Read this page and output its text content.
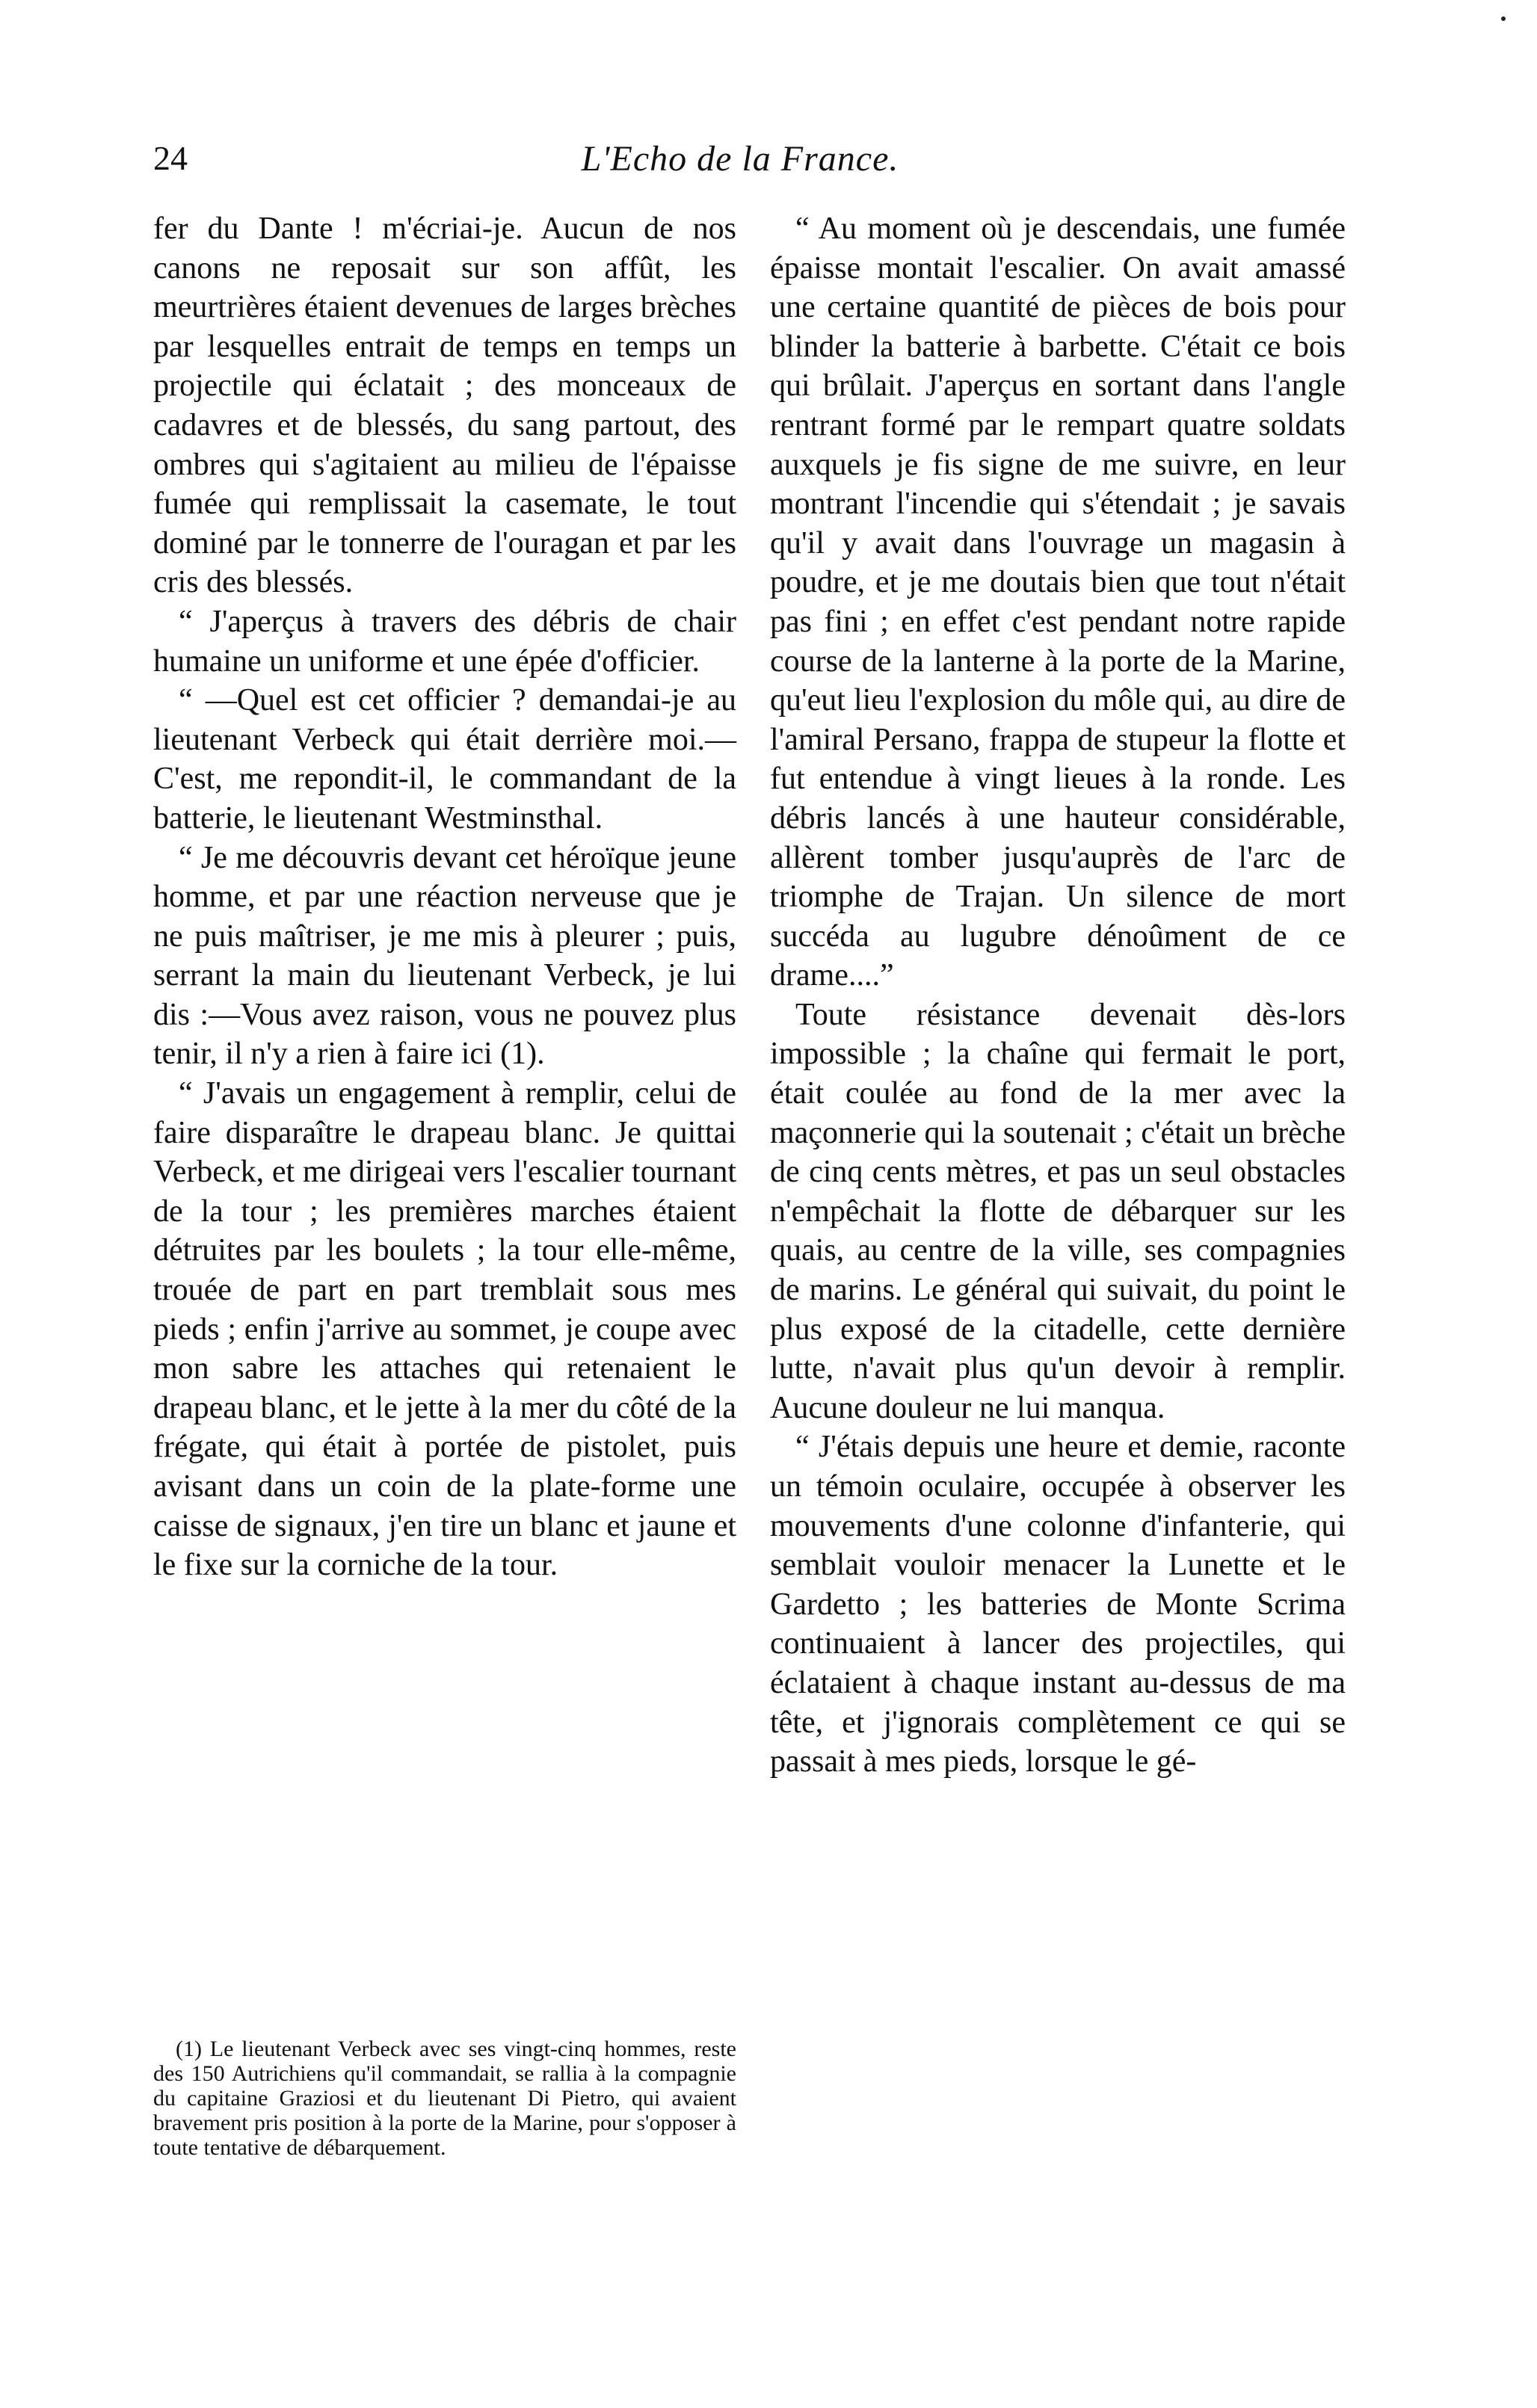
24	L'Echo de la France.

fer du Dante ! m'écriai-je. Aucun de nos canons ne reposait sur son affût, les meurtrières étaient devenues de larges brèches par lesquelles entrait de temps en temps un projectile qui éclatait ; des monceaux de cadavres et de blessés, du sang partout, des ombres qui s'agitaient au milieu de l'épaisse fumée qui remplissait la casemate, le tout dominé par le tonnerre de l'ouragan et par les cris des blessés.

“ J'aperçus à travers des débris de chair humaine un uniforme et une épée d'officier.

“ —Quel est cet officier ? demandai-je au lieutenant Verbeck qui était derrière moi.—C'est, me repondit-il, le commandant de la batterie, le lieutenant Westminsthal.

“ Je me découvris devant cet héroïque jeune homme, et par une réaction nerveuse que je ne puis maîtriser, je me mis à pleurer ; puis, serrant la main du lieutenant Verbeck, je lui dis :—Vous avez raison, vous ne pouvez plus tenir, il n'y a rien à faire ici (1).

“ J'avais un engagement à remplir, celui de faire disparaître le drapeau blanc. Je quittai Verbeck, et me dirigeai vers l'escalier tournant de la tour ; les premières marches étaient détruites par les boulets ; la tour elle-même, trouée de part en part tremblait sous mes pieds ; enfin j'arrive au sommet, je coupe avec mon sabre les attaches qui retenaient le drapeau blanc, et le jette à la mer du côté de la frégate, qui était à portée de pistolet, puis avisant dans un coin de la plate-forme une caisse de signaux, j'en tire un blanc et jaune et le fixe sur la corniche de la tour.

(1) Le lieutenant Verbeck avec ses vingt-cinq hommes, reste des 150 Autrichiens qu'il commandait, se rallia à la compagnie du capitaine Graziosi et du lieutenant Di Pietro, qui avaient bravement pris position à la porte de la Marine, pour s'opposer à toute tentative de débarquement.

“ Au moment où je descendais, une fumée épaisse montait l'escalier. On avait amassé une certaine quantité de pièces de bois pour blinder la batterie à barbette. C'était ce bois qui brûlait. J'aperçus en sortant dans l'angle rentrant formé par le rempart quatre soldats auxquels je fis signe de me suivre, en leur montrant l'incendie qui s'étendait ; je savais qu'il y avait dans l'ouvrage un magasin à poudre, et je me doutais bien que tout n'était pas fini ; en effet c'est pendant notre rapide course de la lanterne à la porte de la Marine, qu'eut lieu l'explosion du môle qui, au dire de l'amiral Persano, frappa de stupeur la flotte et fut entendue à vingt lieues à la ronde. Les débris lancés à une hauteur considérable, allèrent tomber jusqu'auprès de l'arc de triomphe de Trajan. Un silence de mort succéda au lugubre dénoûment de ce drame....”

Toute résistance devenait dès-lors impossible ; la chaîne qui fermait le port, était coulée au fond de la mer avec la maçonnerie qui la soutenait ; c'était un brèche de cinq cents mètres, et pas un seul obstacles n'empêchait la flotte de débarquer sur les quais, au centre de la ville, ses compagnies de marins. Le général qui suivait, du point le plus exposé de la citadelle, cette dernière lutte, n'avait plus qu'un devoir à remplir. Aucune douleur ne lui manqua.

“ J'étais depuis une heure et demie, raconte un témoin oculaire, occupée à observer les mouvements d'une colonne d'infanterie, qui semblait vouloir menacer la Lunette et le Gardetto ; les batteries de Monte Scrima continuaient à lancer des projectiles, qui éclataient à chaque instant au-dessus de ma tête, et j'ignorais complètement ce qui se passait à mes pieds, lorsque le gé-
